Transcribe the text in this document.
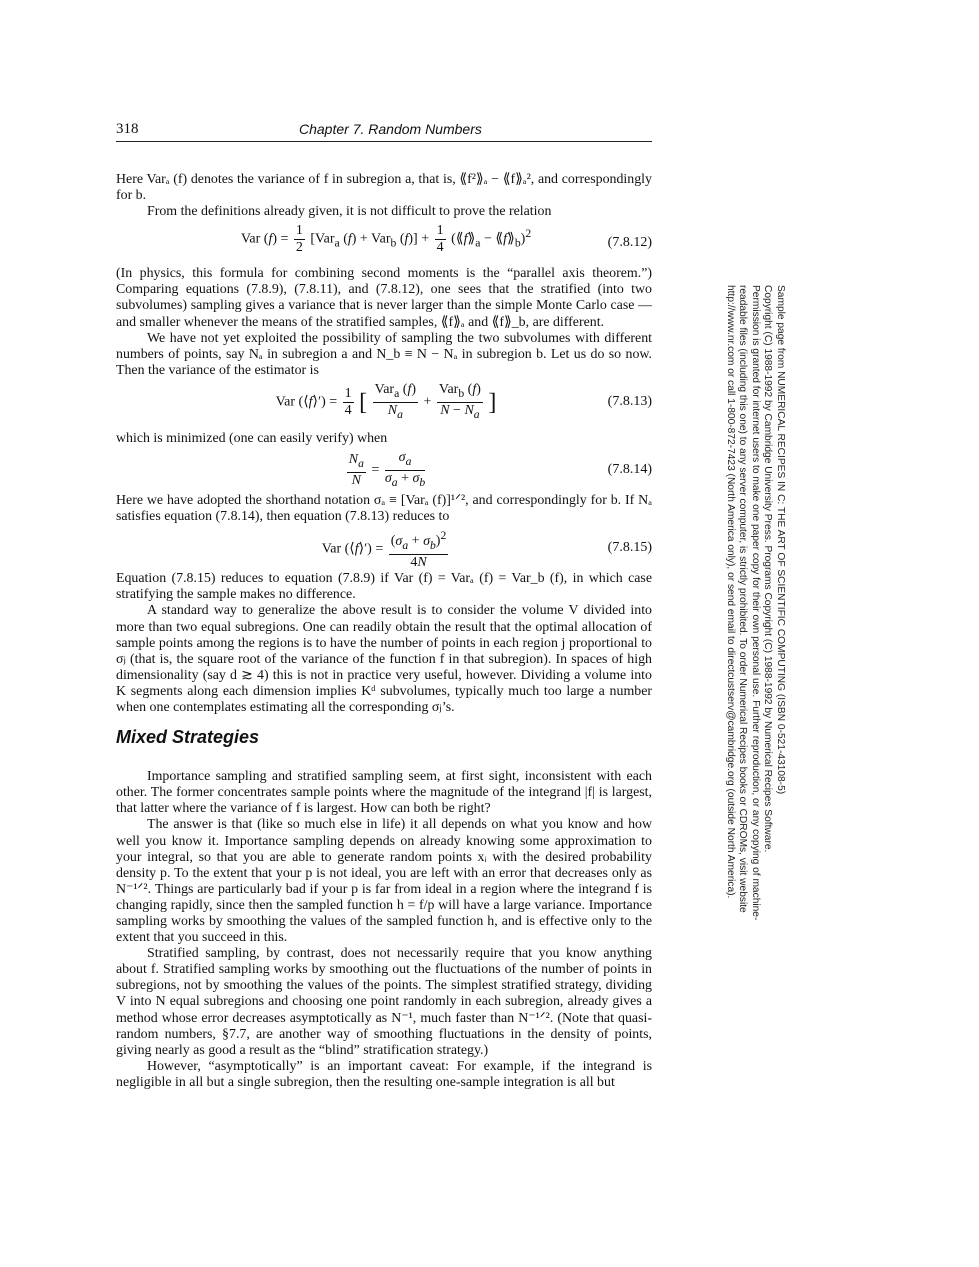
318	Chapter 7. Random Numbers

Here Varₐ (f) denotes the variance of f in subregion a, that is, ⟪f²⟫ₐ − ⟪f⟫ₐ², and correspondingly for b.

From the definitions already given, it is not difficult to prove the relation

Var $(f) = \frac{1}{2} [Var_a$ (f) + Var$_b$ $(f)] + \frac{1}{4}$ ($⟪f⟫_a$ − $⟪f⟫_b)^2$
(7.8.12)

(In physics, this formula for combining second moments is the “parallel axis theorem.”) Comparing equations (7.8.9), (7.8.11), and (7.8.12), one sees that the stratified (into two subvolumes) sampling gives a variance that is never larger than the simple Monte Carlo case — and smaller whenever the means of the stratified samples, ⟪f⟫ₐ and ⟪f⟫_b, are different.

We have not yet exploited the possibility of sampling the two subvolumes with different numbers of points, say Nₐ in subregion a and N_b ≡ N − Nₐ in subregion b. Let us do so now. Then the variance of the estimator is

Var (⟨f⟩′) = $\frac{1}{4}$ [ $\frac{Var_a (f)}{N_a} + \frac{Var_b (f)}{N - N_a}$ ]	(7.8.13)

which is minimized (one can easily verify) when

$\frac{N_a}{N} = \frac{\sigma_a}{\sigma_a + \sigma_b}$	(7.8.14)

Here we have adopted the shorthand notation σₐ ≡ [Varₐ (f)]¹ᐟ², and correspondingly for b. If Nₐ satisfies equation (7.8.14), then equation (7.8.13) reduces to

Var (⟨f⟩′) = $\frac{(\sigma_a + \sigma_b)^2}{4N}$	(7.8.15)

Equation (7.8.15) reduces to equation (7.8.9) if Var (f) = Varₐ (f) = Var_b (f), in which case stratifying the sample makes no difference.

A standard way to generalize the above result is to consider the volume V divided into more than two equal subregions. One can readily obtain the result that the optimal allocation of sample points among the regions is to have the number of points in each region j proportional to σⱼ (that is, the square root of the variance of the function f in that subregion). In spaces of high dimensionality (say d ≳ 4) this is not in practice very useful, however. Dividing a volume into K segments along each dimension implies Kᵈ subvolumes, typically much too large a number when one contemplates estimating all the corresponding σⱼ’s.

Mixed Strategies

Importance sampling and stratified sampling seem, at first sight, inconsistent with each other. The former concentrates sample points where the magnitude of the integrand |f| is largest, that latter where the variance of f is largest. How can both be right?

The answer is that (like so much else in life) it all depends on what you know and how well you know it. Importance sampling depends on already knowing some approximation to your integral, so that you are able to generate random points xᵢ with the desired probability density p. To the extent that your p is not ideal, you are left with an error that decreases only as N⁻¹ᐟ². Things are particularly bad if your p is far from ideal in a region where the integrand f is changing rapidly, since then the sampled function h = f/p will have a large variance. Importance sampling works by smoothing the values of the sampled function h, and is effective only to the extent that you succeed in this.

Stratified sampling, by contrast, does not necessarily require that you know anything about f. Stratified sampling works by smoothing out the fluctuations of the number of points in subregions, not by smoothing the values of the points. The simplest stratified strategy, dividing V into N equal subregions and choosing one point randomly in each subregion, already gives a method whose error decreases asymptotically as N⁻¹, much faster than N⁻¹ᐟ². (Note that quasi-random numbers, §7.7, are another way of smoothing fluctuations in the density of points, giving nearly as good a result as the “blind” stratification strategy.)

However, “asymptotically” is an important caveat: For example, if the integrand is negligible in all but a single subregion, then the resulting one-sample integration is all but

Sample page from NUMERICAL RECIPES IN C: THE ART OF SCIENTIFIC COMPUTING (ISBN 0-521-43108-5)
Copyright (C) 1988-1992 by Cambridge University Press. Programs Copyright (C) 1988-1992 by Numerical Recipes Software.
Permission is granted for internet users to make one paper copy for their own personal use. Further reproduction, or any copying of machine-
readable files (including this one) to any server computer, is strictly prohibited. To order Numerical Recipes books or CDROMs, visit website
http://www.nr.com or call 1-800-872-7423 (North America only), or send email to directcustserv@cambridge.org (outside North America).
